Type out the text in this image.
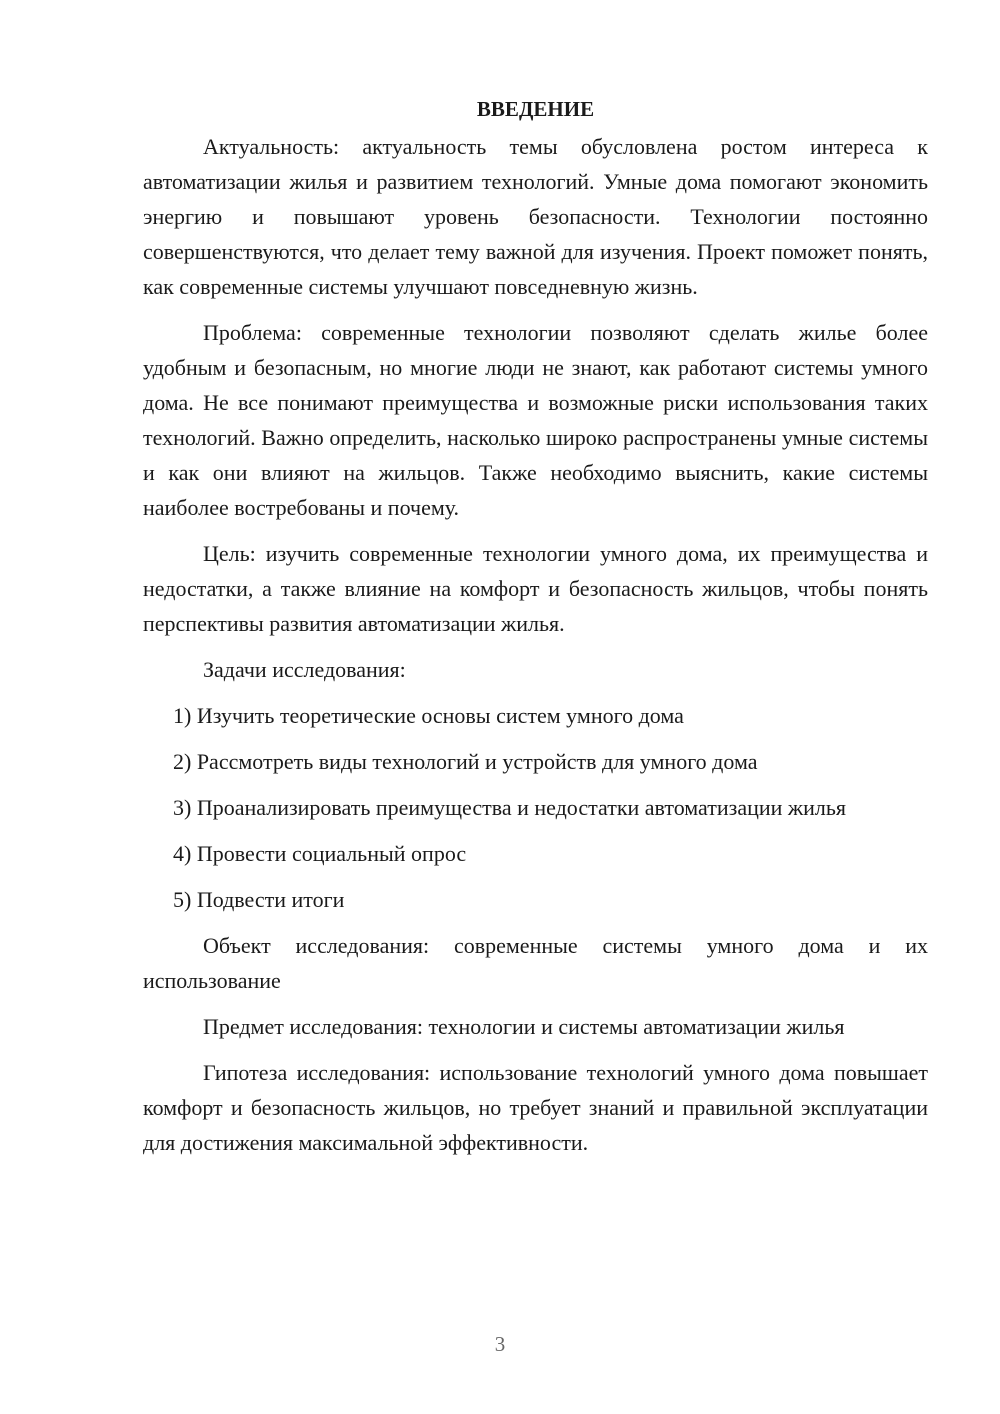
ВВЕДЕНИЕ

Актуальность: актуальность темы обусловлена ростом интереса к автоматизации жилья и развитием технологий. Умные дома помогают экономить энергию и повышают уровень безопасности. Технологии постоянно совершенствуются, что делает тему важной для изучения. Проект поможет понять, как современные системы улучшают повседневную жизнь.

Проблема: современные технологии позволяют сделать жилье более удобным и безопасным, но многие люди не знают, как работают системы умного дома. Не все понимают преимущества и возможные риски использования таких технологий. Важно определить, насколько широко распространены умные системы и как они влияют на жильцов. Также необходимо выяснить, какие системы наиболее востребованы и почему.

Цель: изучить современные технологии умного дома, их преимущества и недостатки, а также влияние на комфорт и безопасность жильцов, чтобы понять перспективы развития автоматизации жилья.

Задачи исследования:

1) Изучить теоретические основы систем умного дома

2) Рассмотреть виды технологий и устройств для умного дома

3) Проанализировать преимущества и недостатки автоматизации жилья

4) Провести социальный опрос

5) Подвести итоги

Объект исследования: современные системы умного дома и их использование

Предмет исследования: технологии и системы автоматизации жилья

Гипотеза исследования: использование технологий умного дома повышает комфорт и безопасность жильцов, но требует знаний и правильной эксплуатации для достижения максимальной эффективности.

3
